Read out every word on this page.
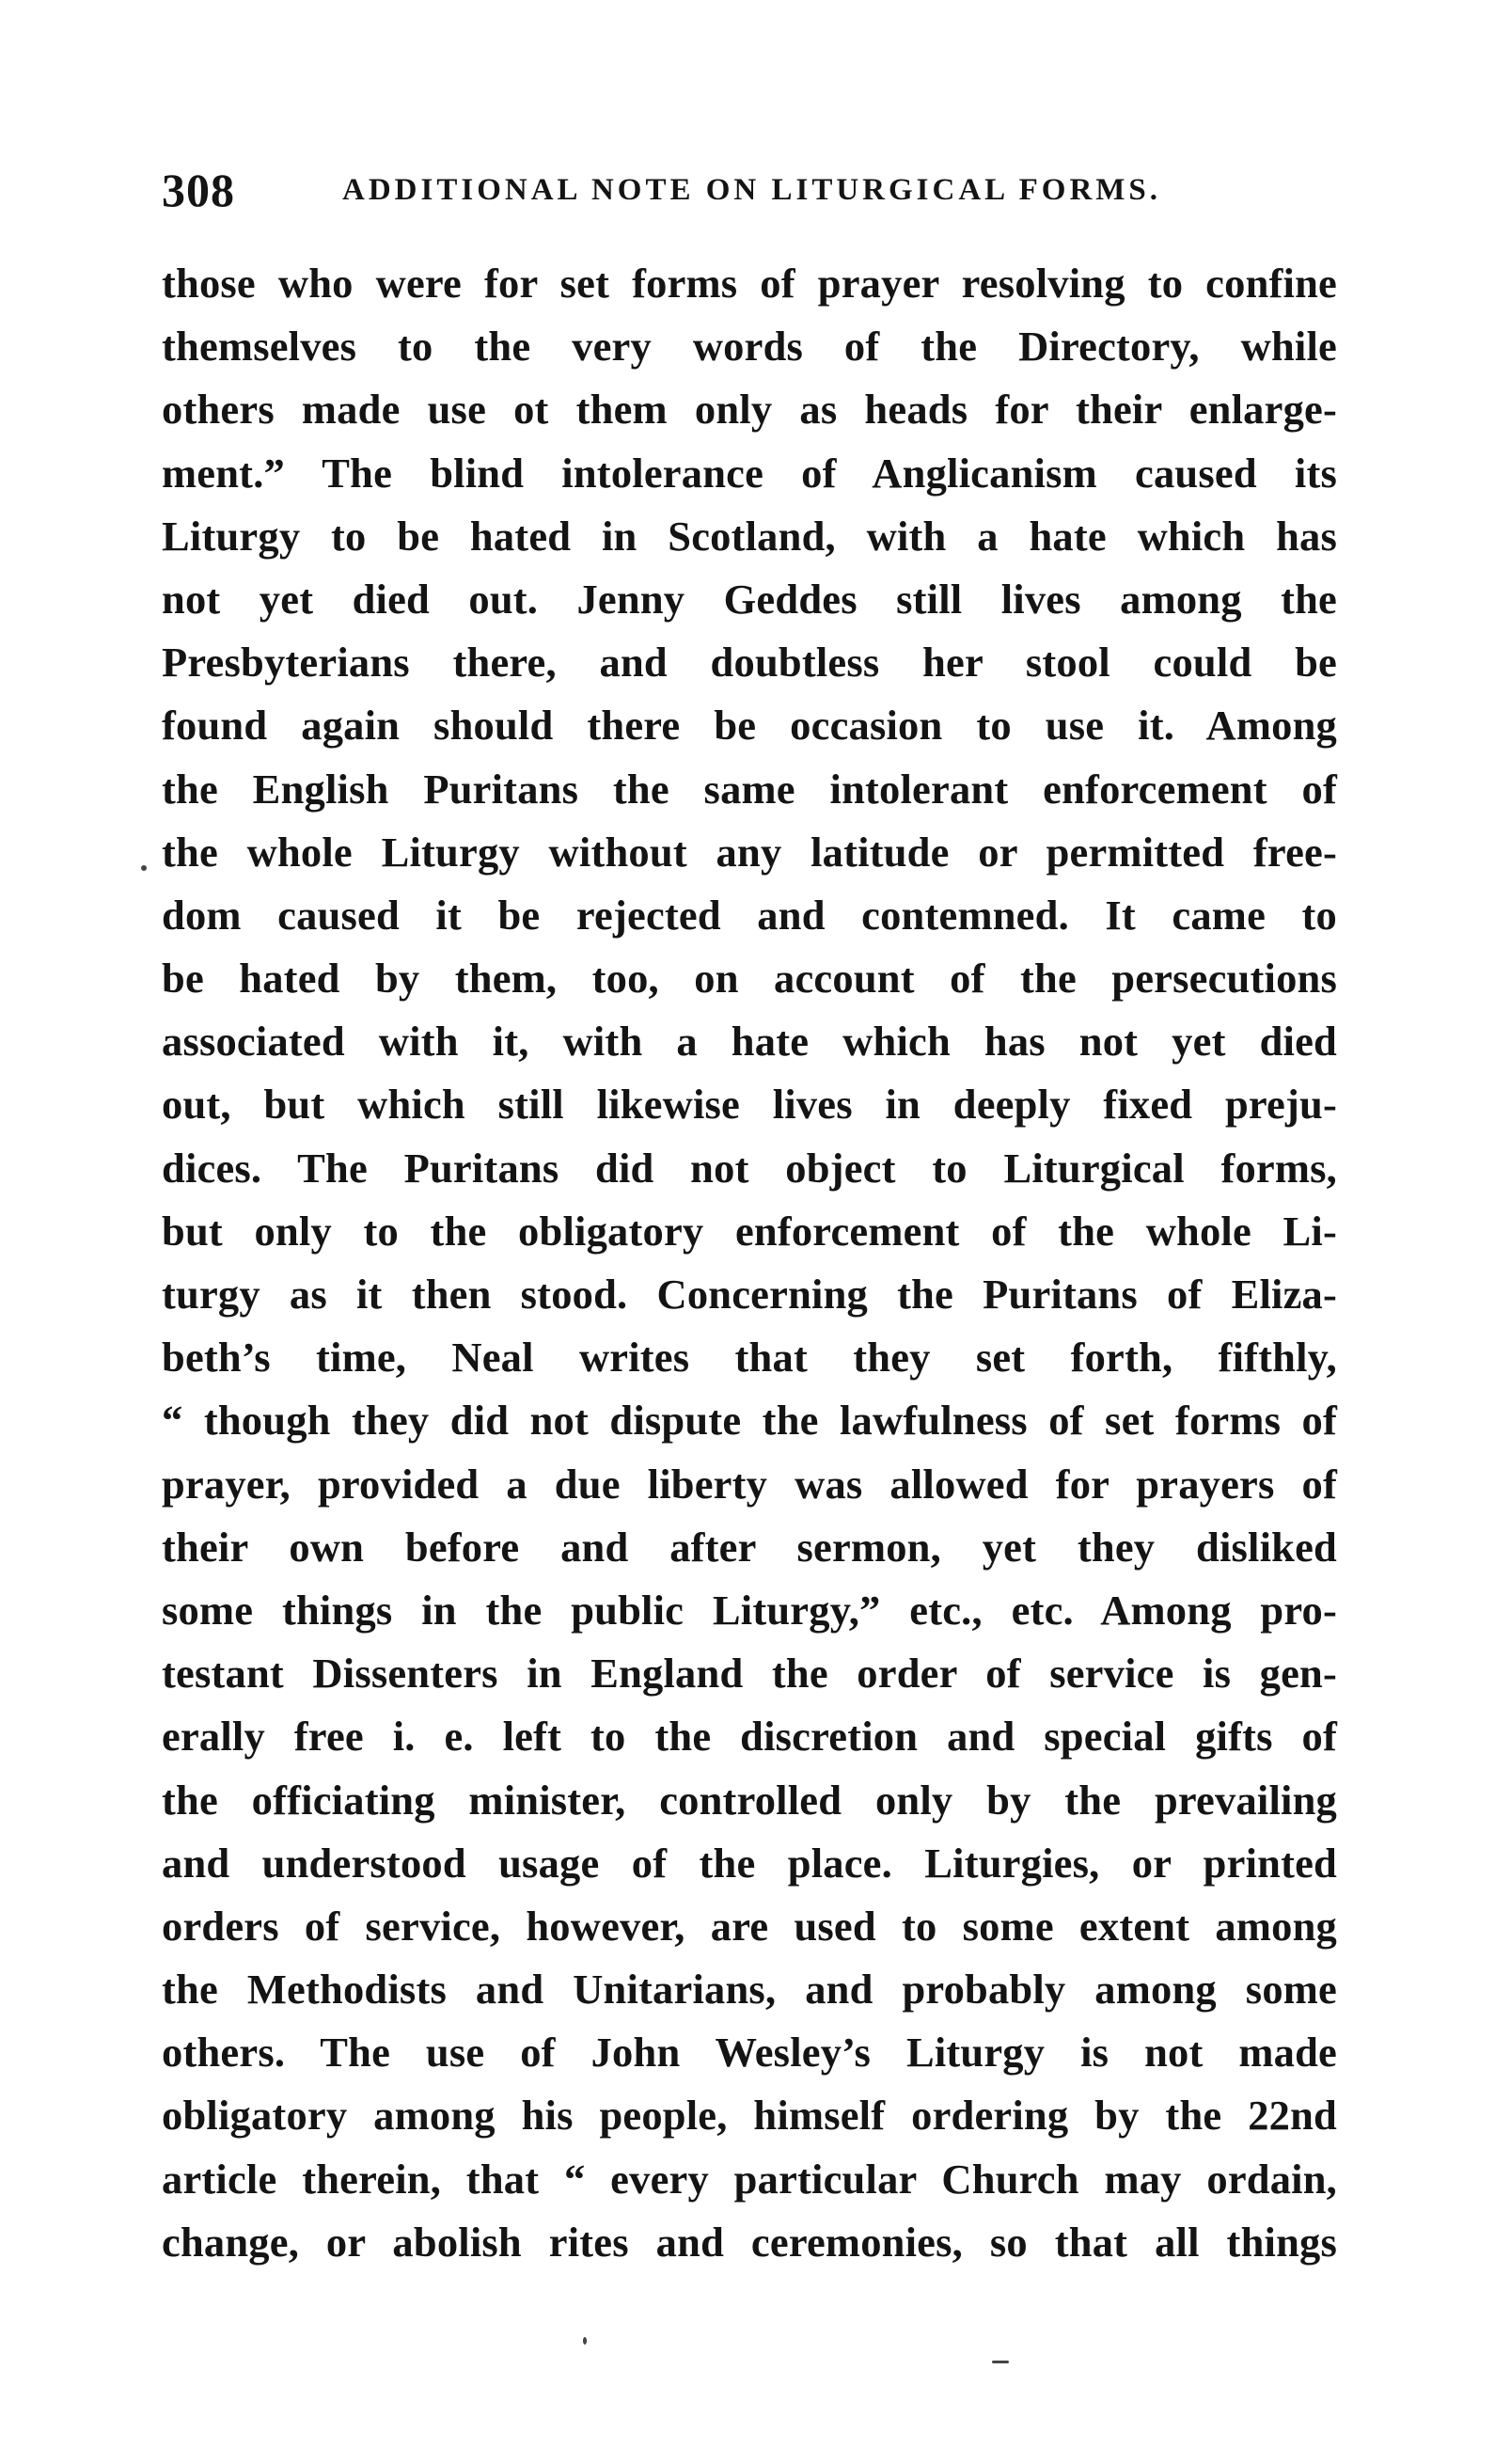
308	ADDITIONAL NOTE ON LITURGICAL FORMS.
those who were for set forms of prayer resolving to confine
themselves to the very words of the Directory, while
others made use ot them only as heads for their enlarge-
ment.” The blind intolerance of Anglicanism caused its
Liturgy to be hated in Scotland, with a hate which has
not yet died out. Jenny Geddes still lives among the
Presbyterians there, and doubtless her stool could be
found again should there be occasion to use it. Among
the English Puritans the same intolerant enforcement of
the whole Liturgy without any latitude or permitted free-
dom caused it be rejected and contemned. It came to
be hated by them, too, on account of the persecutions
associated with it, with a hate which has not yet died
out, but which still likewise lives in deeply fixed preju-
dices. The Puritans did not object to Liturgical forms,
but only to the obligatory enforcement of the whole Li-
turgy as it then stood. Concerning the Puritans of Eliza-
beth’s time, Neal writes that they set forth, fifthly,
“ though they did not dispute the lawfulness of set forms of
prayer, provided a due liberty was allowed for prayers of
their own before and after sermon, yet they disliked
some things in the public Liturgy,” etc., etc. Among pro-
testant Dissenters in England the order of service is gen-
erally free i. e. left to the discretion and special gifts of
the officiating minister, controlled only by the prevailing
and understood usage of the place. Liturgies, or printed
orders of service, however, are used to some extent among
the Methodists and Unitarians, and probably among some
others. The use of John Wesley’s Liturgy is not made
obligatory among his people, himself ordering by the 22nd
article therein, that “ every particular Church may ordain,
change, or abolish rites and ceremonies, so that all things
